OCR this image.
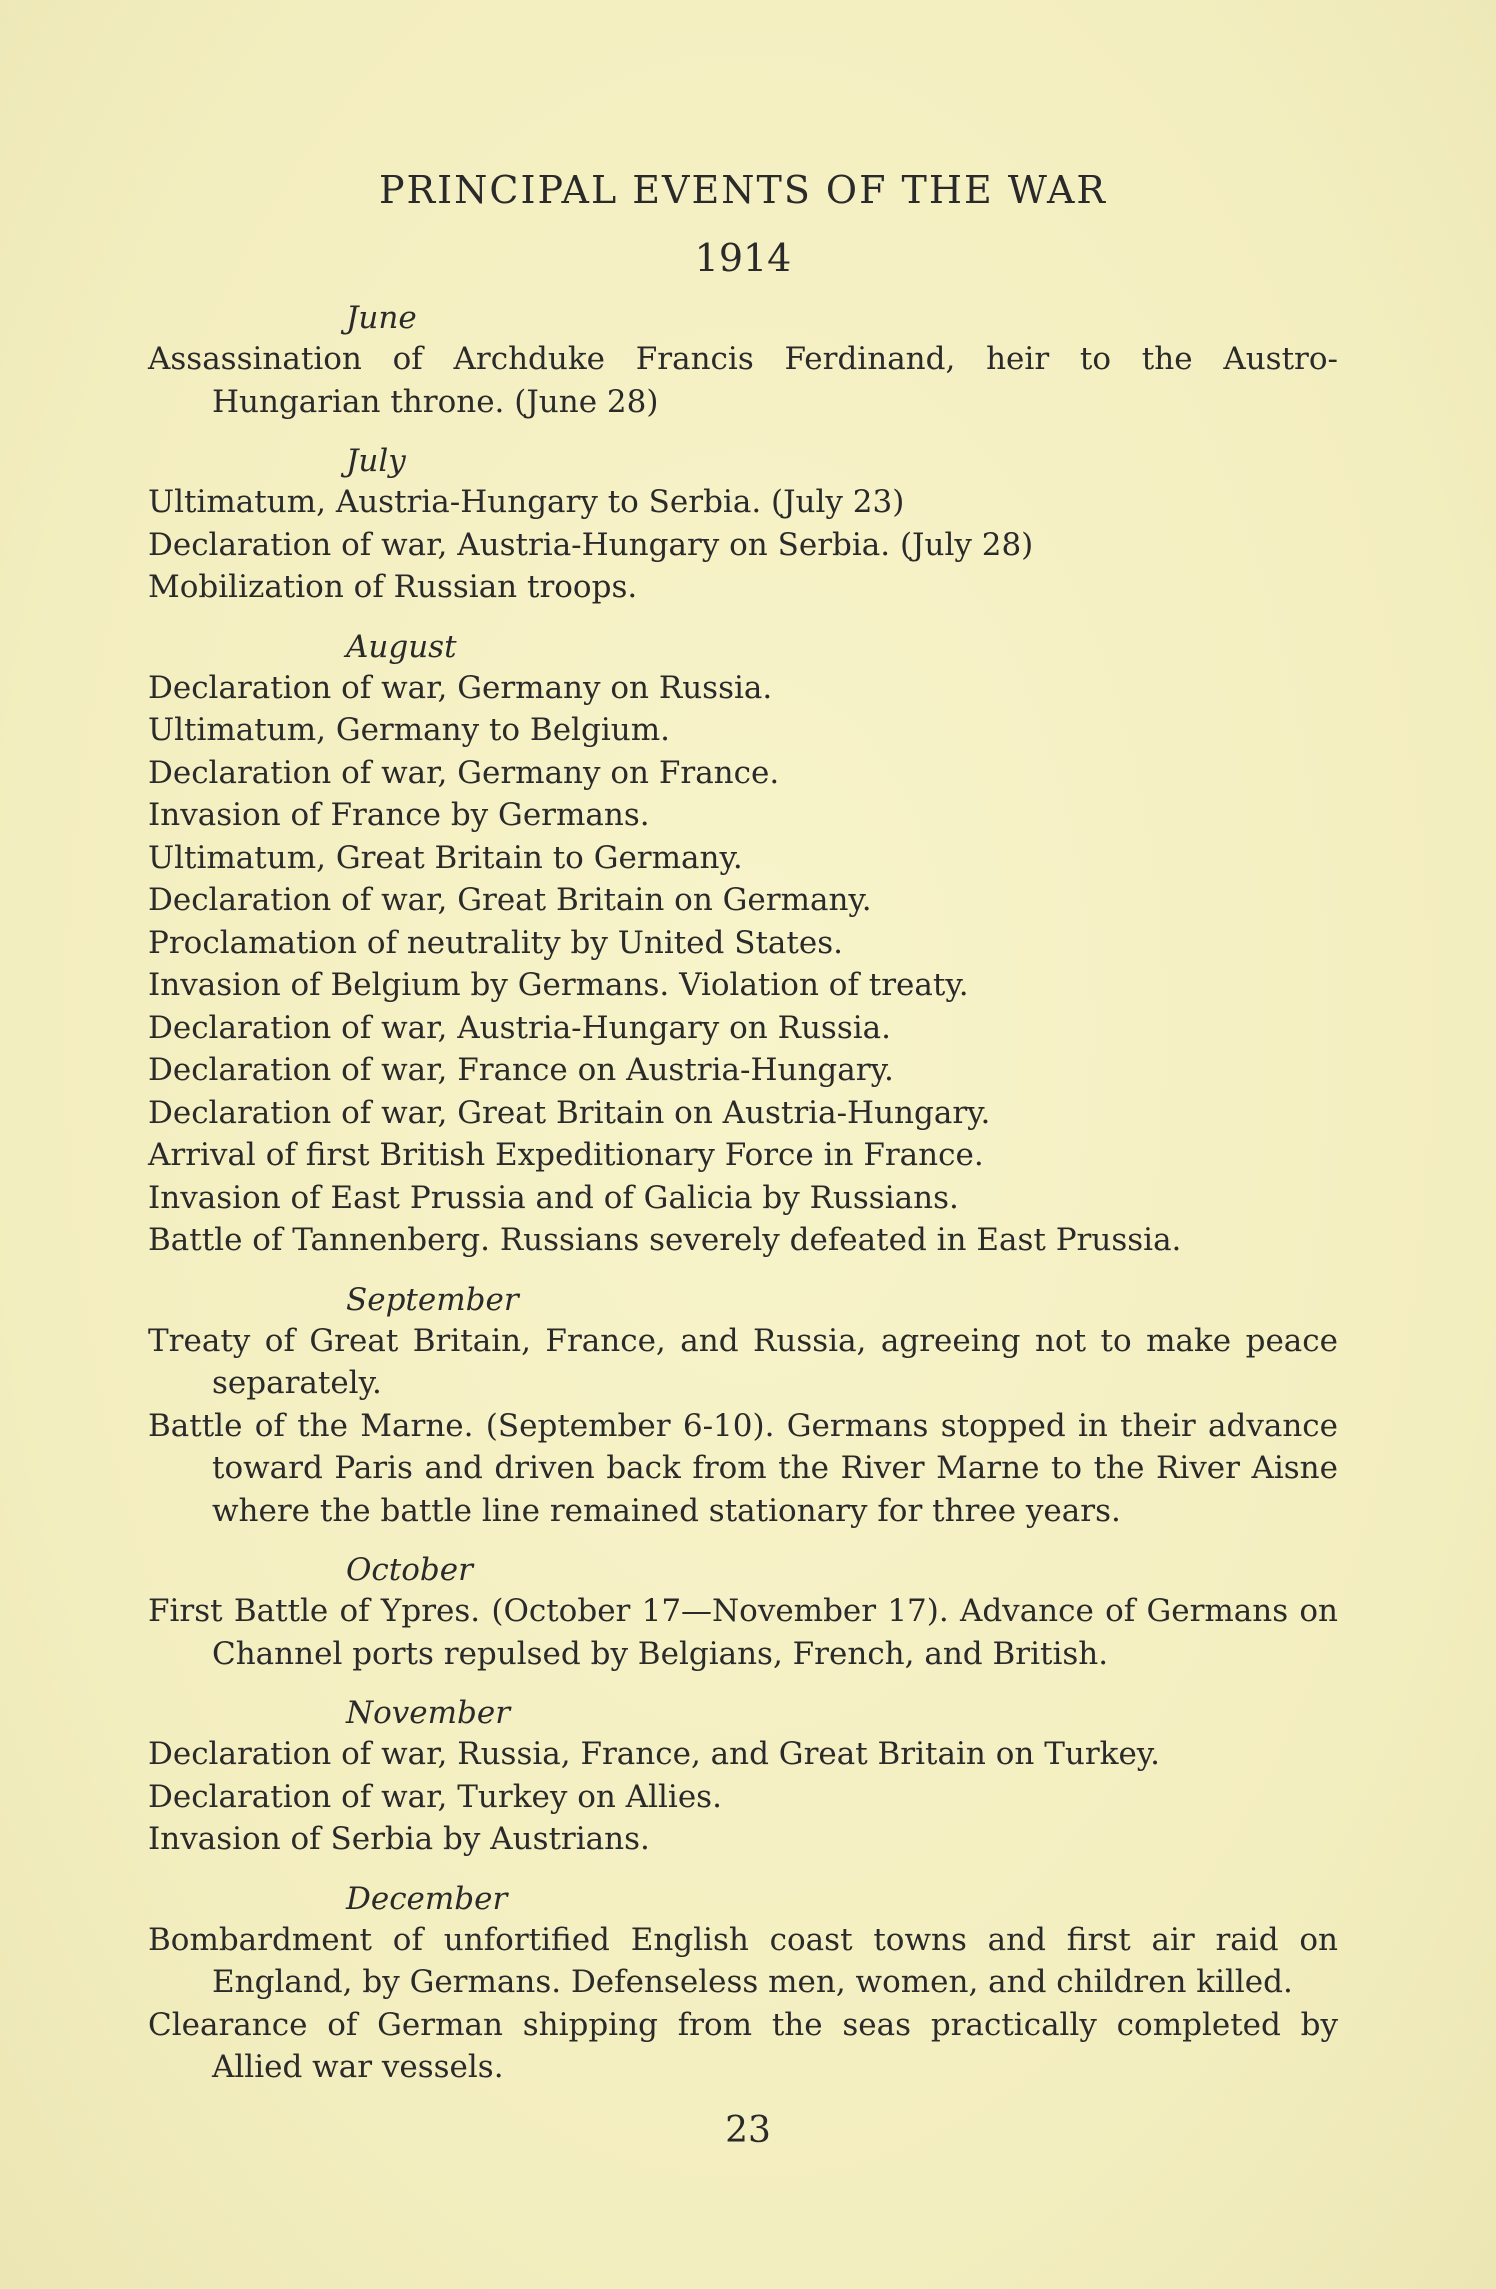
PRINCIPAL EVENTS OF THE WAR
1914
June

Assassination of Archduke Francis Ferdinand, heir to the Austro-Hungarian throne. (June 28)

July

Ultimatum, Austria-Hungary to Serbia. (July 23)

Declaration of war, Austria-Hungary on Serbia. (July 28)

Mobilization of Russian troops.

August

Declaration of war, Germany on Russia.

Ultimatum, Germany to Belgium.

Declaration of war, Germany on France.

Invasion of France by Germans.

Ultimatum, Great Britain to Germany.

Declaration of war, Great Britain on Germany.

Proclamation of neutrality by United States.

Invasion of Belgium by Germans. Violation of treaty.

Declaration of war, Austria-Hungary on Russia.

Declaration of war, France on Austria-Hungary.

Declaration of war, Great Britain on Austria-Hungary.

Arrival of first British Expeditionary Force in France.

Invasion of East Prussia and of Galicia by Russians.

Battle of Tannenberg. Russians severely defeated in East Prussia.

September

Treaty of Great Britain, France, and Russia, agreeing not to make peace separately.

Battle of the Marne. (September 6-10). Germans stopped in their advance toward Paris and driven back from the River Marne to the River Aisne where the battle line remained stationary for three years.

October

First Battle of Ypres. (October 17—November 17). Advance of Germans on Channel ports repulsed by Belgians, French, and British.

November

Declaration of war, Russia, France, and Great Britain on Turkey.

Declaration of war, Turkey on Allies.

Invasion of Serbia by Austrians.

December

Bombardment of unfortified English coast towns and first air raid on England, by Germans. Defenseless men, women, and children killed.

Clearance of German shipping from the seas practically completed by Allied war vessels.

23
